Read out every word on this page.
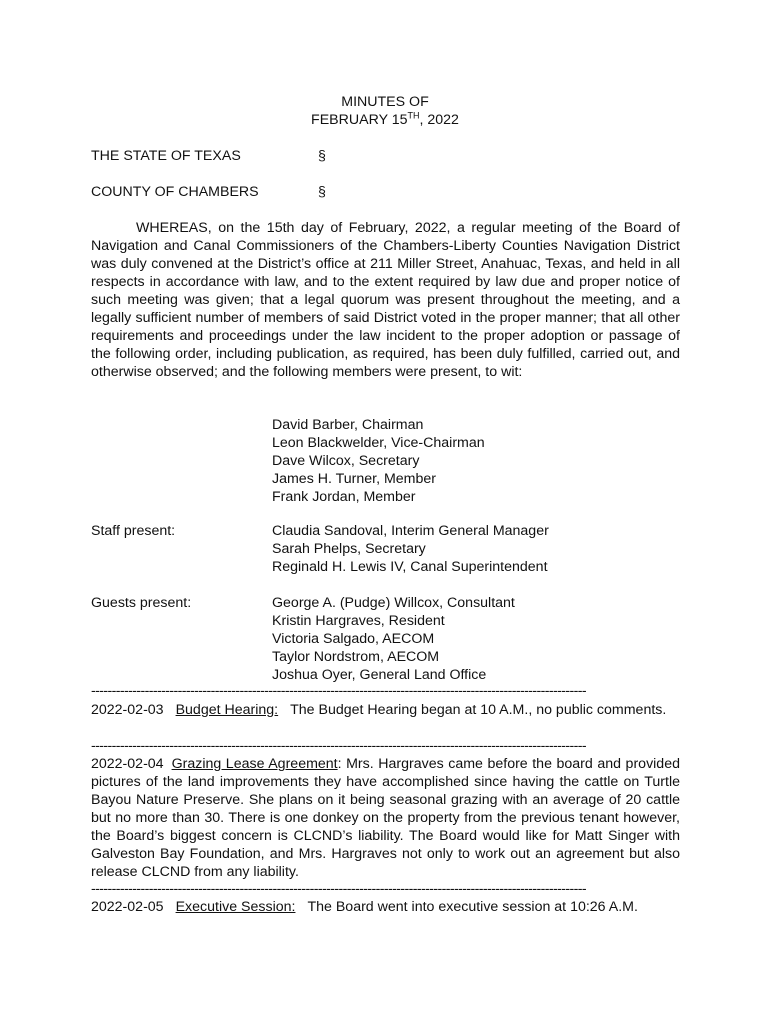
MINUTES OF
FEBRUARY 15TH, 2022
THE STATE OF TEXAS	§
COUNTY OF CHAMBERS	§

WHEREAS, on the 15th day of February, 2022, a regular meeting of the Board of Navigation and Canal Commissioners of the Chambers-Liberty Counties Navigation District was duly convened at the District’s office at 211 Miller Street, Anahuac, Texas, and held in all respects in accordance with law, and to the extent required by law due and proper notice of such meeting was given; that a legal quorum was present throughout the meeting, and a legally sufficient number of members of said District voted in the proper manner; that all other requirements and proceedings under the law incident to the proper adoption or passage of the following order, including publication, as required, has been duly fulfilled, carried out, and otherwise observed; and the following members were present, to wit:

David Barber, Chairman
Leon Blackwelder, Vice-Chairman
Dave Wilcox, Secretary
James H. Turner, Member
Frank Jordan, Member
Staff present:	Claudia Sandoval, Interim General Manager
Sarah Phelps, Secretary
Reginald H. Lewis IV, Canal Superintendent
Guests present:	George A. (Pudge) Willcox, Consultant
Kristin Hargraves, Resident
Victoria Salgado, AECOM
Taylor Nordstrom, AECOM
Joshua Oyer, General Land Office
------------------------------------------------------------------------------------------------------------------------

2022-02-03 Budget Hearing: The Budget Hearing began at 10 A.M., no public comments.

------------------------------------------------------------------------------------------------------------------------

2022-02-04 Grazing Lease Agreement: Mrs. Hargraves came before the board and provided pictures of the land improvements they have accomplished since having the cattle on Turtle Bayou Nature Preserve. She plans on it being seasonal grazing with an average of 20 cattle but no more than 30. There is one donkey on the property from the previous tenant however, the Board’s biggest concern is CLCND’s liability. The Board would like for Matt Singer with Galveston Bay Foundation, and Mrs. Hargraves not only to work out an agreement but also release CLCND from any liability.

------------------------------------------------------------------------------------------------------------------------

2022-02-05 Executive Session: The Board went into executive session at 10:26 A.M.
